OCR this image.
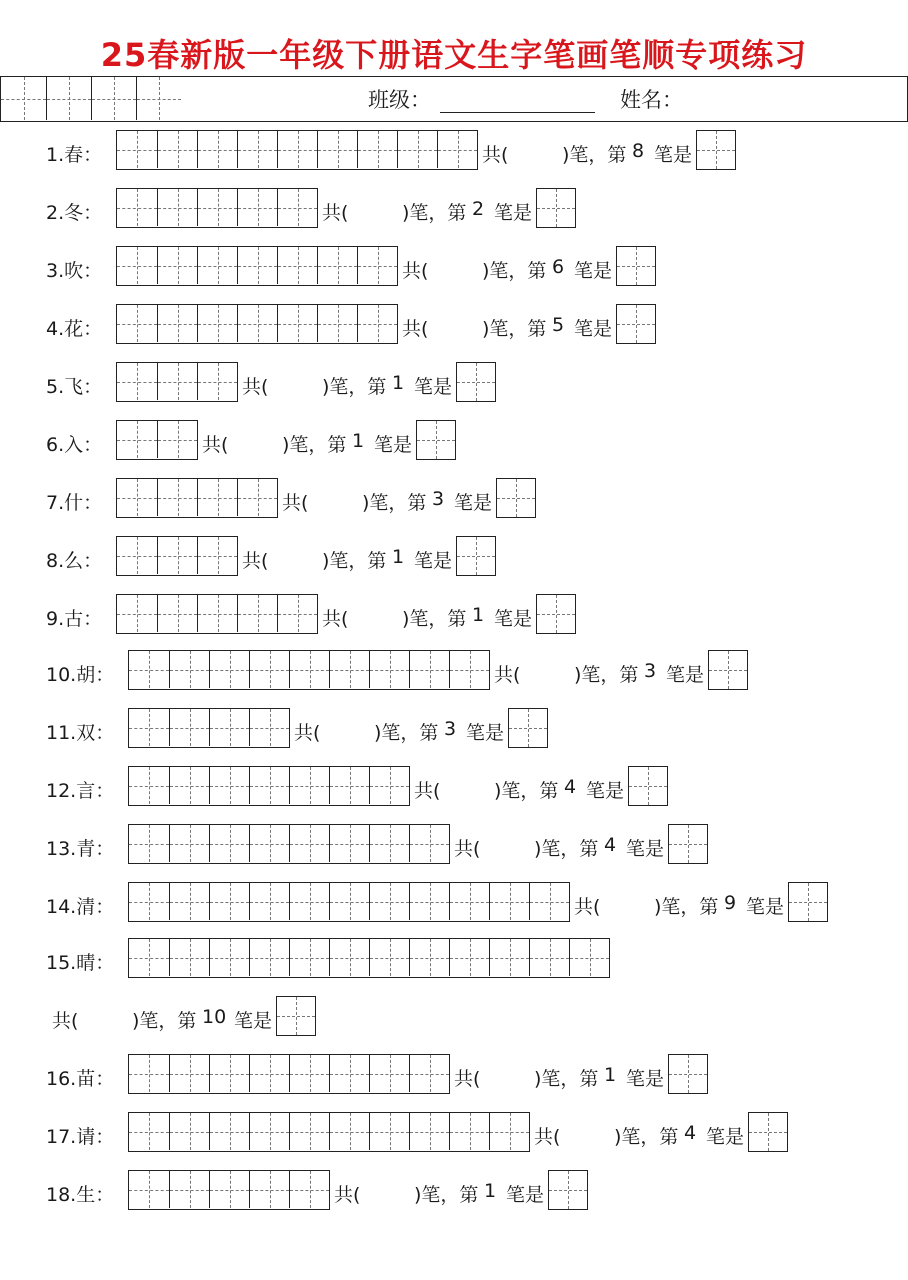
25春新版一年级下册语文生字笔画笔顺专项练习
班级：	姓名：
1.春：	共(	)笔，第 8 笔是
2.冬：	共(	)笔，第 2 笔是
3.吹：	共(	)笔，第 6 笔是
4.花：	共(	)笔，第 5 笔是
5.飞：	共(	)笔，第 1 笔是
6.入：	共(	)笔，第 1 笔是
7.什：	共(	)笔，第 3 笔是
8.么：	共(	)笔，第 1 笔是
9.古：	共(	)笔，第 1 笔是
10.胡：	共(	)笔，第 3 笔是
11.双：	共(	)笔，第 3 笔是
12.言：	共(	)笔，第 4 笔是
13.青：	共(	)笔，第 4 笔是
14.清：	共(	)笔，第 9 笔是
15.晴：
共(	)笔，第 10 笔是
16.苗：	共(	)笔，第 1 笔是
17.请：	共(	)笔，第 4 笔是
18.生：	共(	)笔，第 1 笔是
